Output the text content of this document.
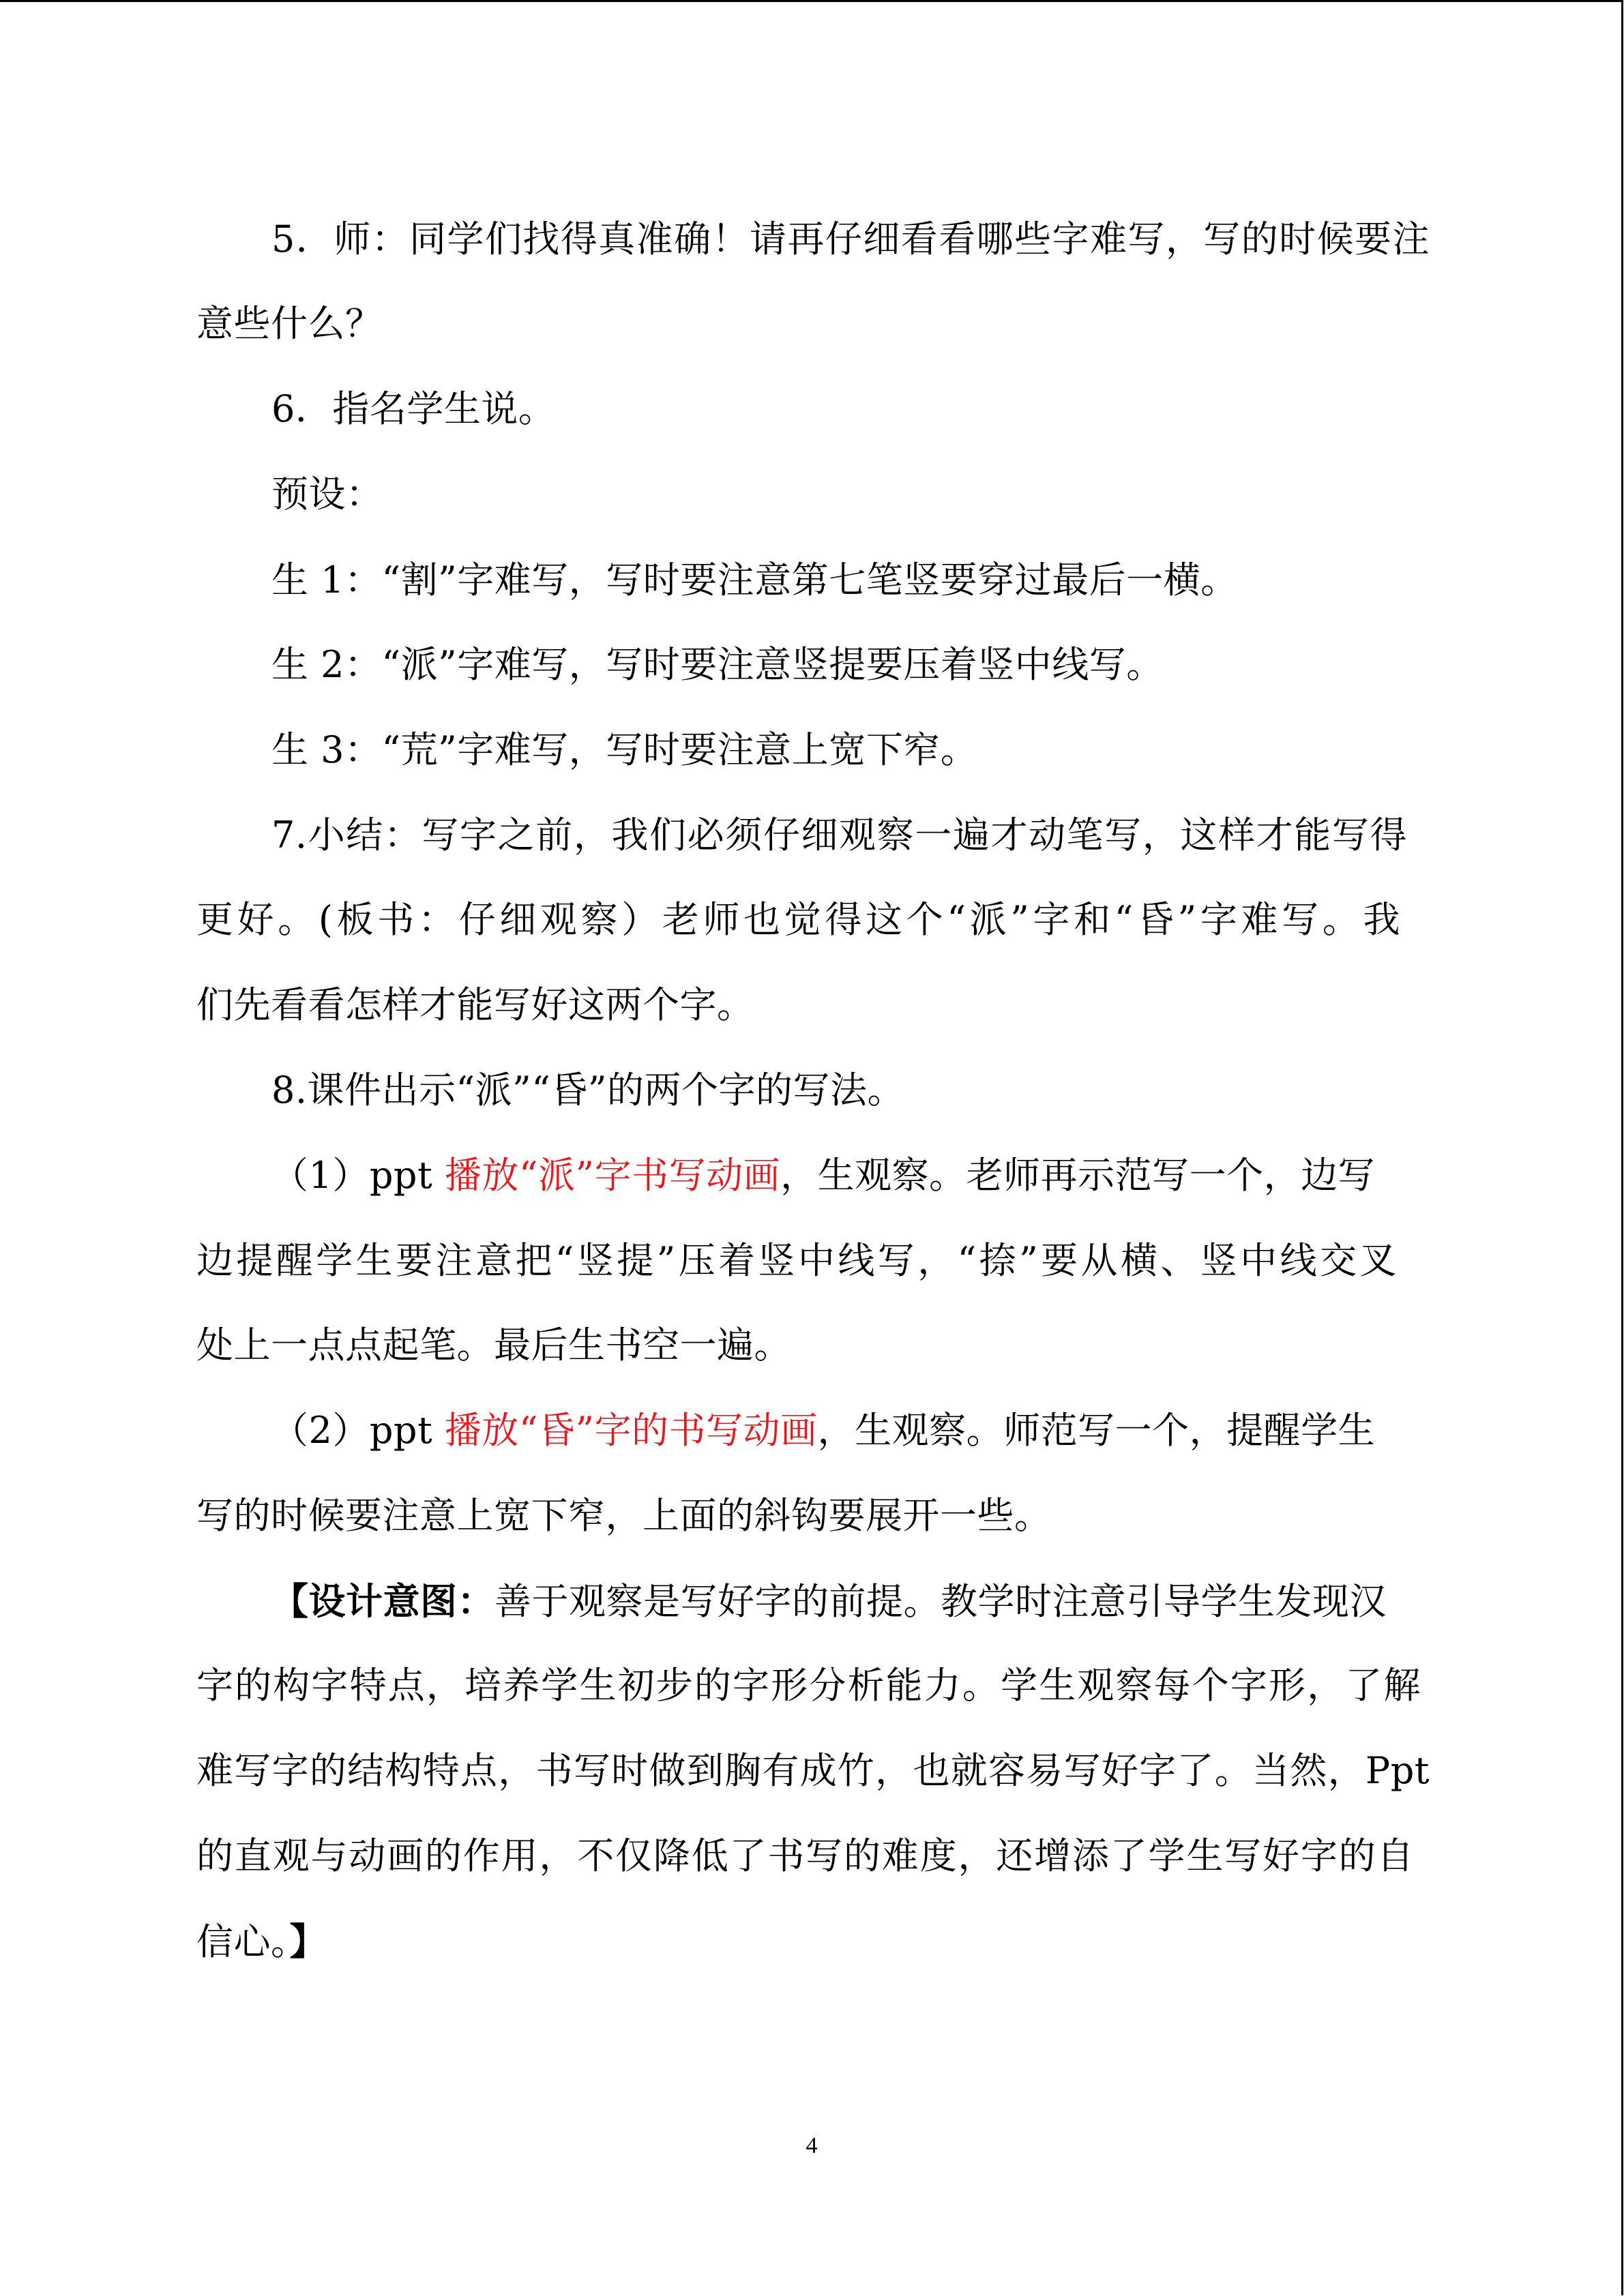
5．师：同学们找得真准确！请再仔细看看哪些字难写，写的时候要注
意些什么？
6．指名学生说。
预设：
生 1：“割”字难写，写时要注意第七笔竖要穿过最后一横。
生 2：“派”字难写，写时要注意竖提要压着竖中线写。
生 3：“荒”字难写，写时要注意上宽下窄。
7.小结：写字之前，我们必须仔细观察一遍才动笔写，这样才能写得
更好。(板书：仔细观察）老师也觉得这个“派”字和“昏”字难写。我
们先看看怎样才能写好这两个字。
8.课件出示“派”“昏”的两个字的写法。
（1）ppt 播放“派”字书写动画，生观察。老师再示范写一个，边写
边提醒学生要注意把“竖提”压着竖中线写，“捺”要从横、竖中线交叉
处上一点点起笔。最后生书空一遍。
（2）ppt 播放“昏”字的书写动画，生观察。师范写一个，提醒学生
写的时候要注意上宽下窄，上面的斜钩要展开一些。
【设计意图：善于观察是写好字的前提。教学时注意引导学生发现汉
字的构字特点，培养学生初步的字形分析能力。学生观察每个字形，了解
难写字的结构特点，书写时做到胸有成竹，也就容易写好字了。当然，Ppt
的直观与动画的作用，不仅降低了书写的难度，还增添了学生写好字的自
信心。】
4
